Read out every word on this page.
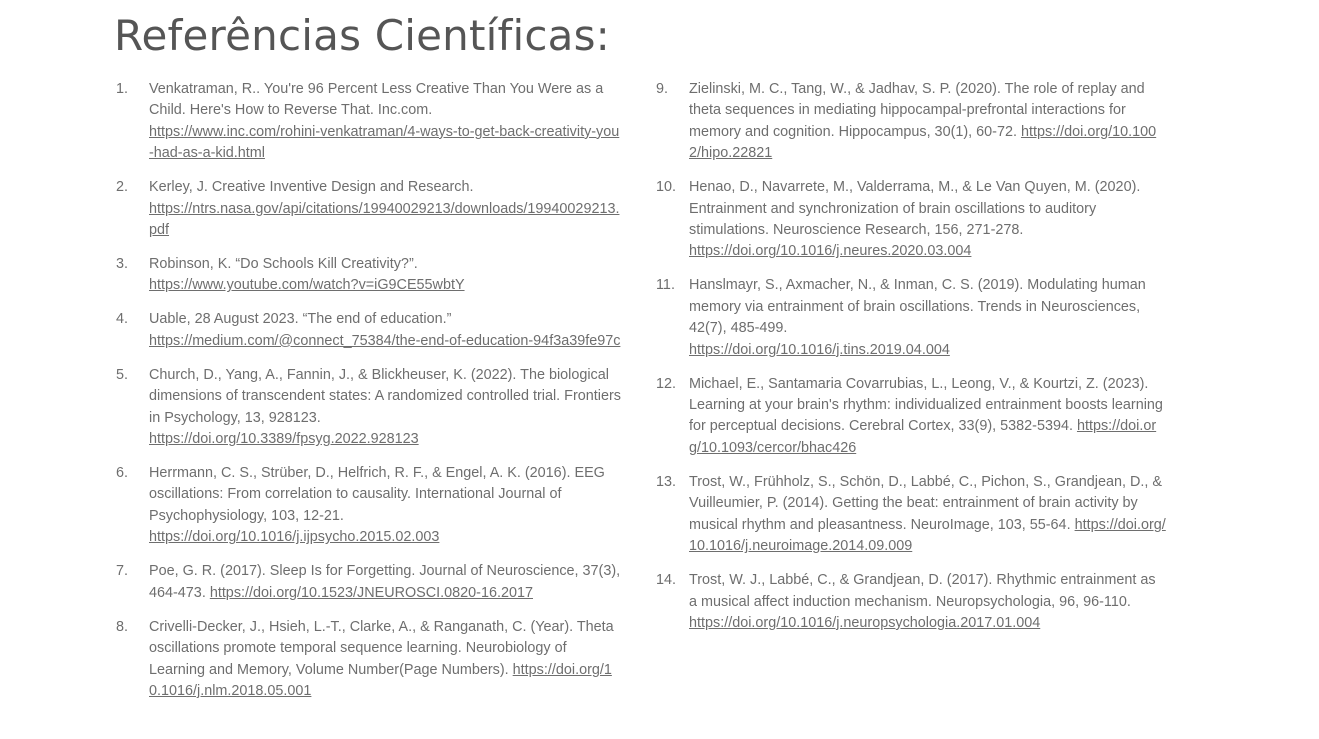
Referências Científicas:
1.	Venkatraman, R.. You're 96 Percent Less Creative Than You Were as a Child. Here's How to Reverse That. Inc.com.
https://www.inc.com/rohini-venkatraman/4-ways-to-get-back-creativity-you-had-as-a-kid.html
2.	Kerley, J. Creative Inventive Design and Research.
https://ntrs.nasa.gov/api/citations/19940029213/downloads/19940029213.pdf
3.	Robinson, K. “Do Schools Kill Creativity?”.
https://www.youtube.com/watch?v=iG9CE55wbtY
4.	Uable, 28 August 2023. “The end of education.”
https://medium.com/@connect_75384/the-end-of-education-94f3a39fe97c
5.	Church, D., Yang, A., Fannin, J., & Blickheuser, K. (2022). The biological dimensions of transcendent states: A randomized controlled trial. Frontiers in Psychology, 13, 928123.
https://doi.org/10.3389/fpsyg.2022.928123
6.	Herrmann, C. S., Strüber, D., Helfrich, R. F., & Engel, A. K. (2016). EEG oscillations: From correlation to causality. International Journal of Psychophysiology, 103, 12-21.
https://doi.org/10.1016/j.ijpsycho.2015.02.003
7.	Poe, G. R. (2017). Sleep Is for Forgetting. Journal of Neuroscience, 37(3), 464-473. https://doi.org/10.1523/JNEUROSCI.0820-16.2017
8.	Crivelli-Decker, J., Hsieh, L.-T., Clarke, A., & Ranganath, C. (Year). Theta oscillations promote temporal sequence learning. Neurobiology of Learning and Memory, Volume Number(Page Numbers). https://doi.org/10.1016/j.nlm.2018.05.001
9.	Zielinski, M. C., Tang, W., & Jadhav, S. P. (2020). The role of replay and theta sequences in mediating hippocampal-prefrontal interactions for memory and cognition. Hippocampus, 30(1), 60-72. https://doi.org/10.1002/hipo.22821
10. Henao, D., Navarrete, M., Valderrama, M., & Le Van Quyen, M. (2020). Entrainment and synchronization of brain oscillations to auditory stimulations. Neuroscience Research, 156, 271-278.
https://doi.org/10.1016/j.neures.2020.03.004
11. Hanslmayr, S., Axmacher, N., & Inman, C. S. (2019). Modulating human memory via entrainment of brain oscillations. Trends in Neurosciences, 42(7), 485-499.
https://doi.org/10.1016/j.tins.2019.04.004
12. Michael, E., Santamaria Covarrubias, L., Leong, V., & Kourtzi, Z. (2023). Learning at your brain's rhythm: individualized entrainment boosts learning for perceptual decisions. Cerebral Cortex, 33(9), 5382-5394. https://doi.org/10.1093/cercor/bhac426
13. Trost, W., Frühholz, S., Schön, D., Labbé, C., Pichon, S., Grandjean, D., & Vuilleumier, P. (2014). Getting the beat: entrainment of brain activity by musical rhythm and pleasantness. NeuroImage, 103, 55-64. https://doi.org/10.1016/j.neuroimage.2014.09.009
14. Trost, W. J., Labbé, C., & Grandjean, D. (2017). Rhythmic entrainment as a musical affect induction mechanism. Neuropsychologia, 96, 96-110.
https://doi.org/10.1016/j.neuropsychologia.2017.01.004
